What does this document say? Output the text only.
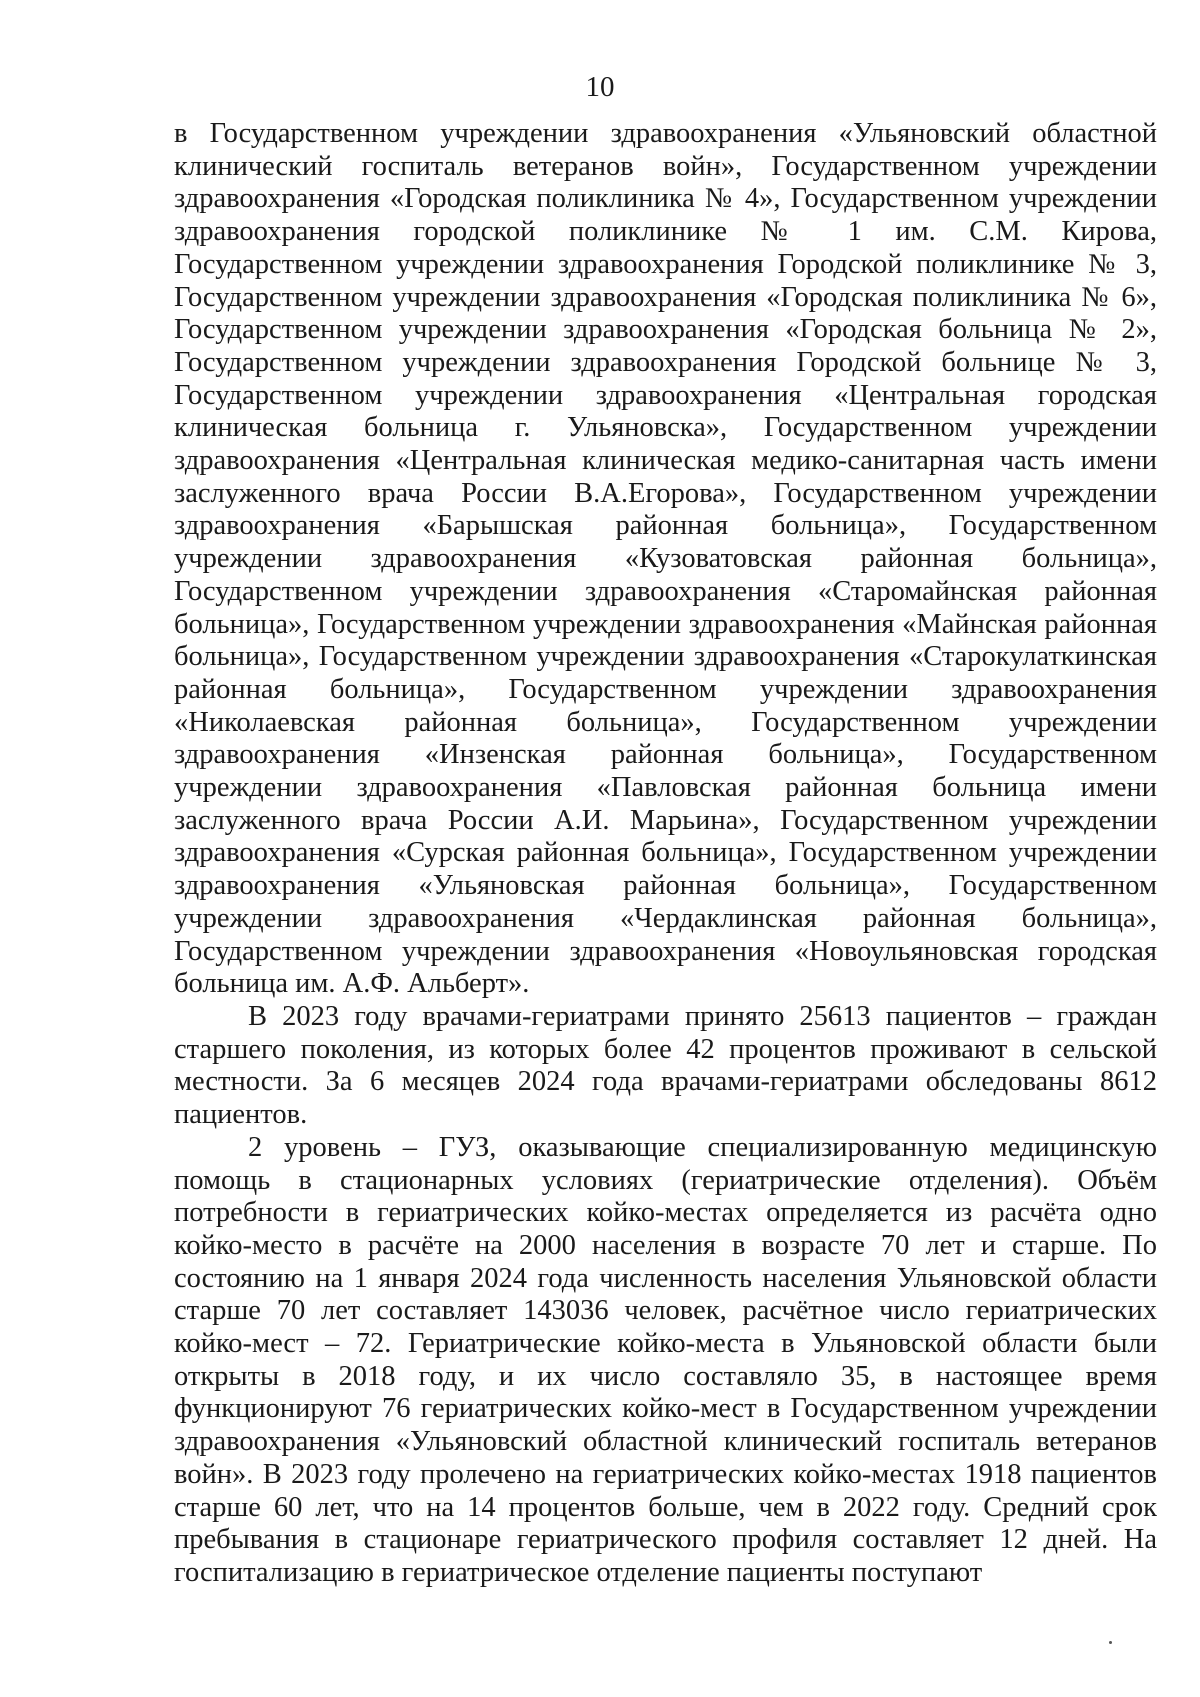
10

в Государственном учреждении здравоохранения «Ульяновский областной клинический госпиталь ветеранов войн», Государственном учреждении здравоохранения «Городская поликлиника № 4», Государственном учреждении здравоохранения городской поликлинике № 1 им. С.М. Кирова, Государственном учреждении здравоохранения Городской поликлинике № 3, Государственном учреждении здравоохранения «Городская поликлиника № 6», Государственном учреждении здравоохранения «Городская больница № 2», Государственном учреждении здравоохранения Городской больнице № 3, Государственном учреждении здравоохранения «Центральная городская клиническая больница г. Ульяновска», Государственном учреждении здравоохранения «Центральная клиническая медико-санитарная часть имени заслуженного врача России В.А.Егорова», Государственном учреждении здравоохранения «Барышская районная больница», Государственном учреждении здравоохранения «Кузоватовская районная больница», Государственном учреждении здравоохранения «Старомайнская районная больница», Государственном учреждении здравоохранения «Майнская районная больница», Государственном учреждении здравоохранения «Старокулаткинская районная больница», Государственном учреждении здравоохранения «Николаевская районная больница», Государственном учреждении здравоохранения «Инзенская районная больница», Государственном учреждении здравоохранения «Павловская районная больница имени заслуженного врача России А.И. Марьина», Государственном учреждении здравоохранения «Сурская районная больница», Государственном учреждении здравоохранения «Ульяновская районная больница», Государственном учреждении здравоохранения «Чердаклинская районная больница», Государственном учреждении здравоохранения «Новоульяновская городская больница им. А.Ф. Альберт».

В 2023 году врачами-гериатрами принято 25613 пациентов – граждан старшего поколения, из которых более 42 процентов проживают в сельской местности. За 6 месяцев 2024 года врачами-гериатрами обследованы 8612 пациентов.

2 уровень – ГУЗ, оказывающие специализированную медицинскую помощь в стационарных условиях (гериатрические отделения). Объём потребности в гериатрических койко-местах определяется из расчёта одно койко-место в расчёте на 2000 населения в возрасте 70 лет и старше. По состоянию на 1 января 2024 года численность населения Ульяновской области старше 70 лет составляет 143036 человек, расчётное число гериатрических койко-мест – 72. Гериатрические койко-места в Ульяновской области были открыты в 2018 году, и их число составляло 35, в настоящее время функционируют 76 гериатрических койко-мест в Государственном учреждении здравоохранения «Ульяновский областной клинический госпиталь ветеранов войн». В 2023 году пролечено на гериатрических койко-местах 1918 пациентов старше 60 лет, что на 14 процентов больше, чем в 2022 году. Средний срок пребывания в стационаре гериатрического профиля составляет 12 дней. На госпитализацию в гериатрическое отделение пациенты поступают
